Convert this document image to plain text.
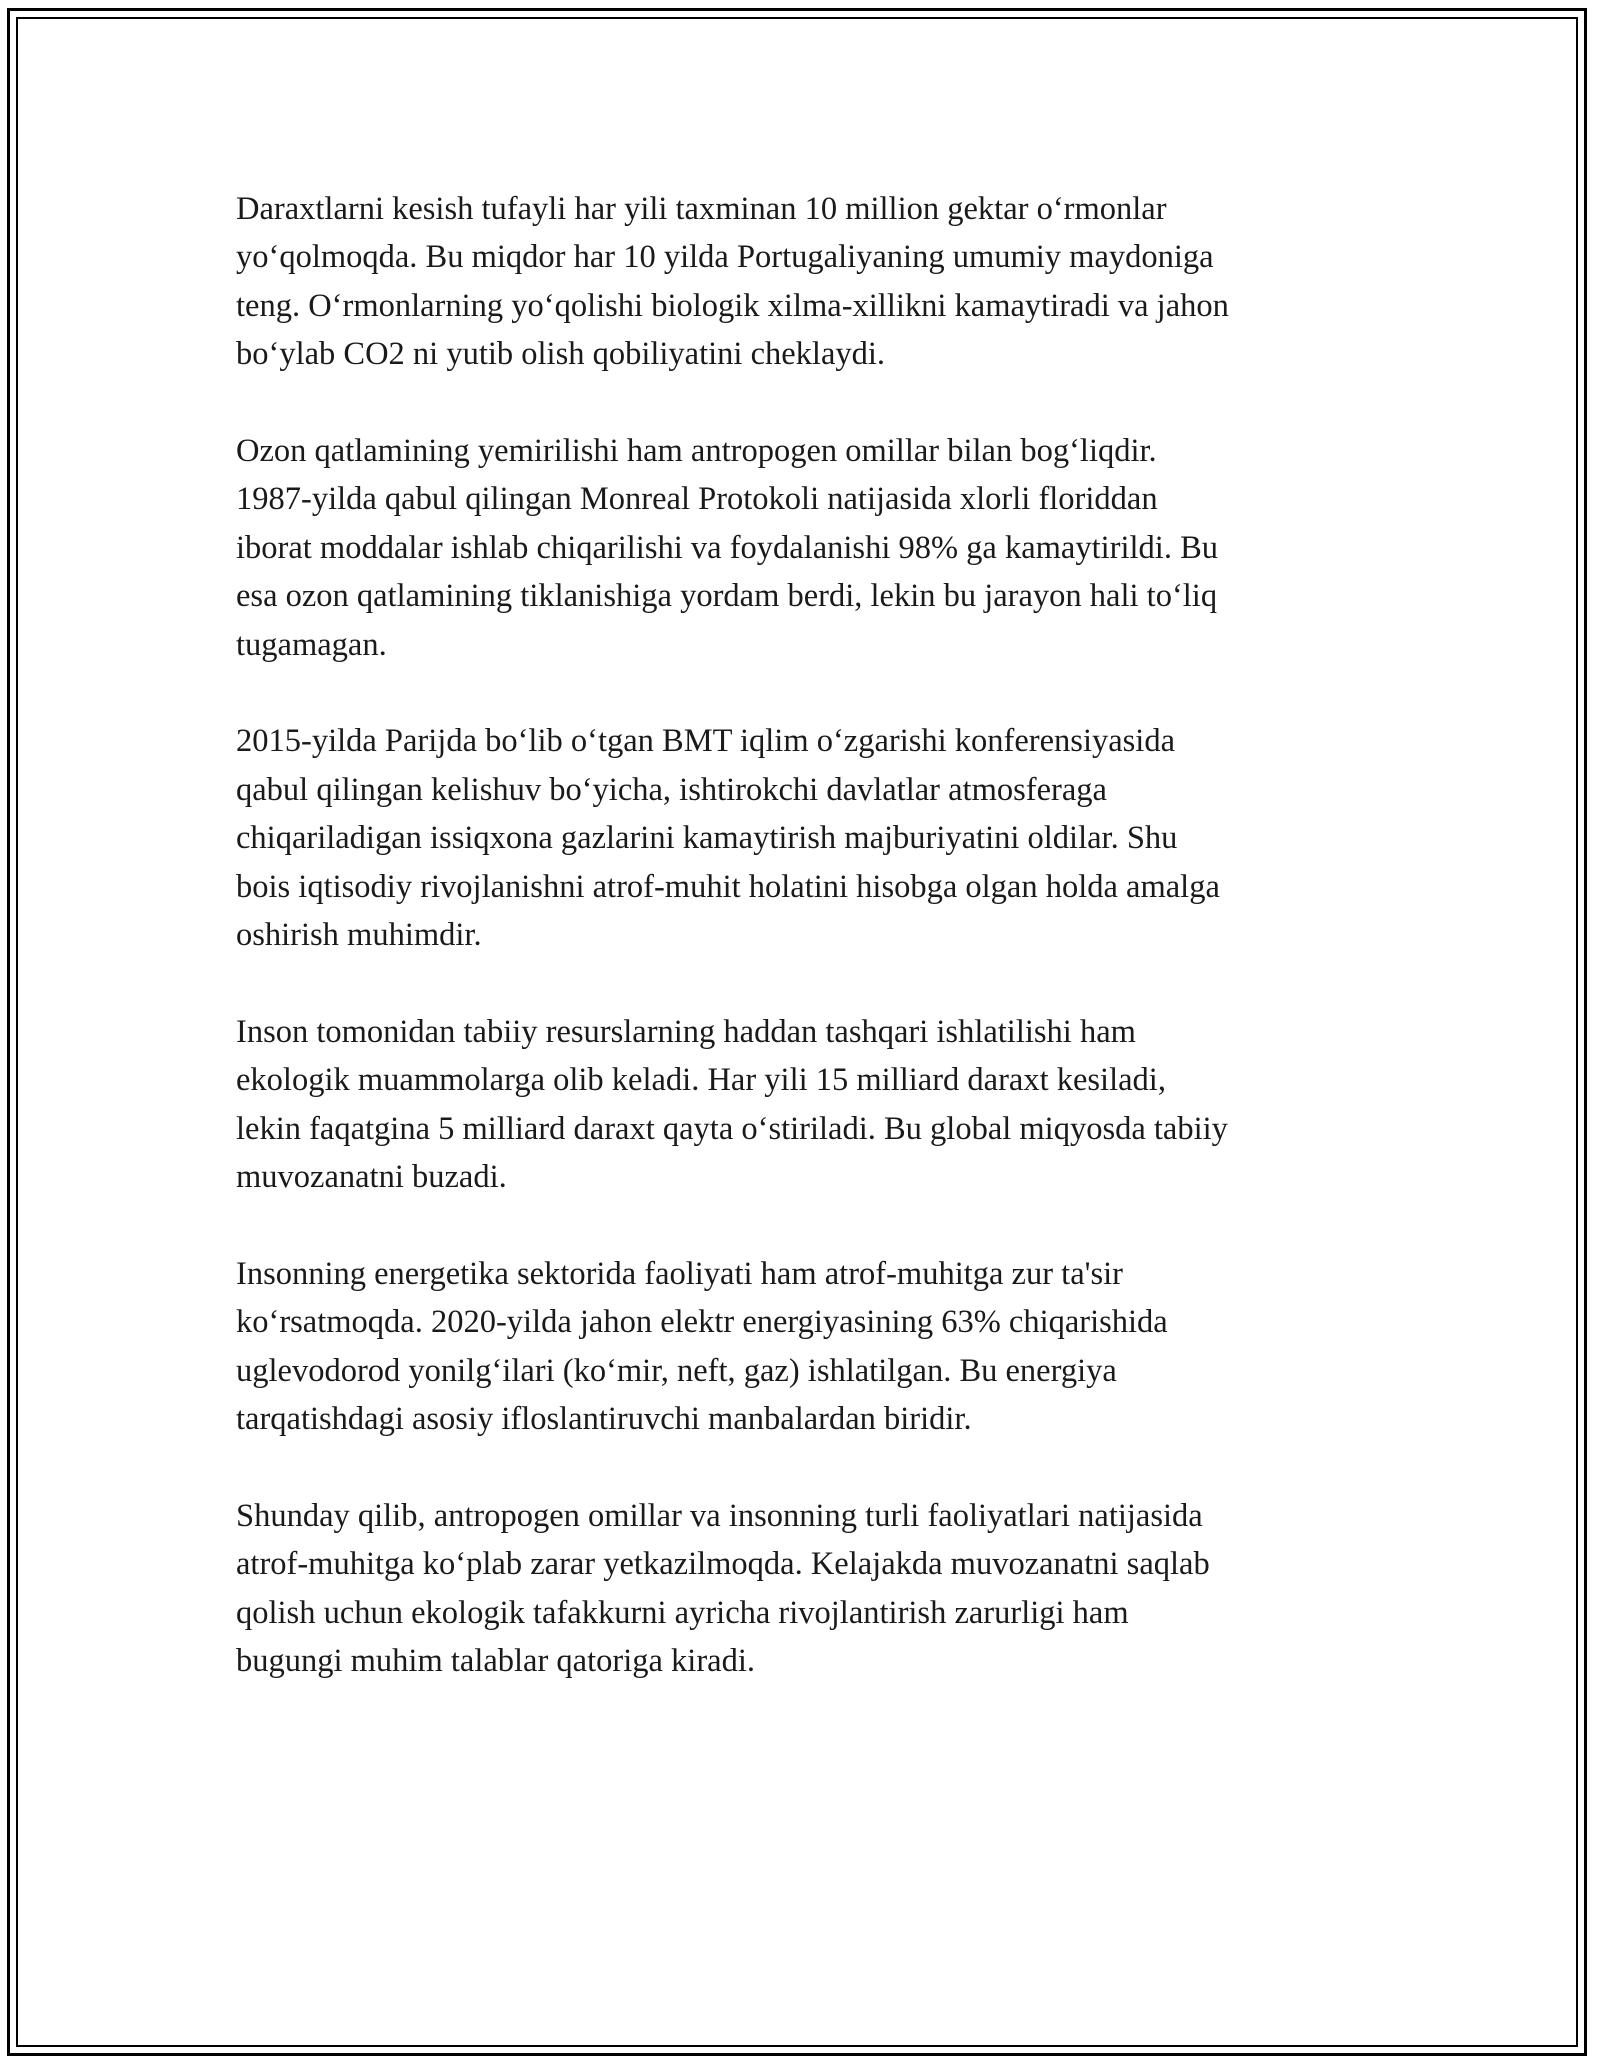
Daraxtlarni kesish tufayli har yili taxminan 10 million gektar o‘rmonlar
yo‘qolmoqda. Bu miqdor har 10 yilda Portugaliyaning umumiy maydoniga
teng. O‘rmonlarning yo‘qolishi biologik xilma-xillikni kamaytiradi va jahon
bo‘ylab CO2 ni yutib olish qobiliyatini cheklaydi.

Ozon qatlamining yemirilishi ham antropogen omillar bilan bog‘liqdir.
1987-yilda qabul qilingan Monreal Protokoli natijasida xlorli floriddan
iborat moddalar ishlab chiqarilishi va foydalanishi 98% ga kamaytirildi. Bu
esa ozon qatlamining tiklanishiga yordam berdi, lekin bu jarayon hali to‘liq
tugamagan.

2015-yilda Parijda bo‘lib o‘tgan BMT iqlim o‘zgarishi konferensiyasida
qabul qilingan kelishuv bo‘yicha, ishtirokchi davlatlar atmosferaga
chiqariladigan issiqxona gazlarini kamaytirish majburiyatini oldilar. Shu
bois iqtisodiy rivojlanishni atrof-muhit holatini hisobga olgan holda amalga
oshirish muhimdir.

Inson tomonidan tabiiy resurslarning haddan tashqari ishlatilishi ham
ekologik muammolarga olib keladi. Har yili 15 milliard daraxt kesiladi,
lekin faqatgina 5 milliard daraxt qayta o‘stiriladi. Bu global miqyosda tabiiy
muvozanatni buzadi.

Insonning energetika sektorida faoliyati ham atrof-muhitga zur ta'sir
ko‘rsatmoqda. 2020-yilda jahon elektr energiyasining 63% chiqarishida
uglevodorod yonilg‘ilari (ko‘mir, neft, gaz) ishlatilgan. Bu energiya
tarqatishdagi asosiy ifloslantiruvchi manbalardan biridir.

Shunday qilib, antropogen omillar va insonning turli faoliyatlari natijasida
atrof-muhitga ko‘plab zarar yetkazilmoqda. Kelajakda muvozanatni saqlab
qolish uchun ekologik tafakkurni ayricha rivojlantirish zarurligi ham
bugungi muhim talablar qatoriga kiradi.
